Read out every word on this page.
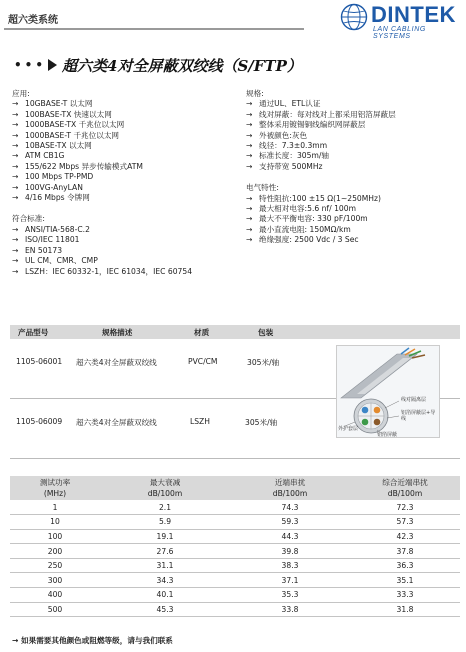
超六类系统	DINTEK
LAN CABLING SYSTEMS
••• 超六类4对全屏蔽双绞线（S/FTP）
应用:
→ 10GBASE-T 以太网
→ 100BASE-TX 快速以太网
→ 1000BASE-TX 千兆位以太网
→ 1000BASE-T 千兆位以太网
→ 10BASE-TX 以太网
→ ATM CB1G
→ 155/622 Mbps 异步传输模式ATM
→ 100 Mbps TP-PMD
→ 100VG-AnyLAN
→ 4/16 Mbps 令牌网
符合标准:
→ ANSI/TIA-568-C.2
→ ISO/IEC 11801
→ EN 50173
→ UL CM、CMR、CMP
→ LSZH：IEC 60332-1，IEC 61034，IEC 60754
规格:
→ 通过UL、ETL认证
→ 线对屏蔽：每对线对上都采用铝箔屏蔽层
→ 整体采用镀锡铜线编织网屏蔽层
→ 外被颜色:灰色
→ 线径：7.3±0.3mm
→ 标准长度：305m/轴
→ 支持带宽 500MHz
电气特性:
→ 特性阻抗:100 ±15 Ω(1~250MHz)
→ 最大相对电容:5.6 nf/ 100m
→ 最大不平衡电容: 330 pF/100m
→ 最小直流电阻: 150MΩ/km
→ 绝缘强度: 2500 Vdc / 3 Sec
产品型号	规格描述	材质	包装
1105-06001 超六类4对全屏蔽双绞线	PVC/CM	305米/轴
1105-06009 超六类4对全屏蔽双绞线	LSZH	305米/轴
线对隔离层
铝箔屏蔽层+导线
外护套层
铝箔屏蔽
测试功率	最大衰减	近端串扰	综合近端串扰
(MHz)	dB/100m	dB/100m	dB/100m
1	2.1	74.3	72.3
10	5.9	59.3	57.3
100	19.1	44.3	42.3
200	27.6	39.8	37.8
250	31.1	38.3	36.3
300	34.3	37.1	35.1
400	40.1	35.3	33.3
500	45.3	33.8	31.8
→ 如果需要其他颜色或阻燃等级，请与我们联系
